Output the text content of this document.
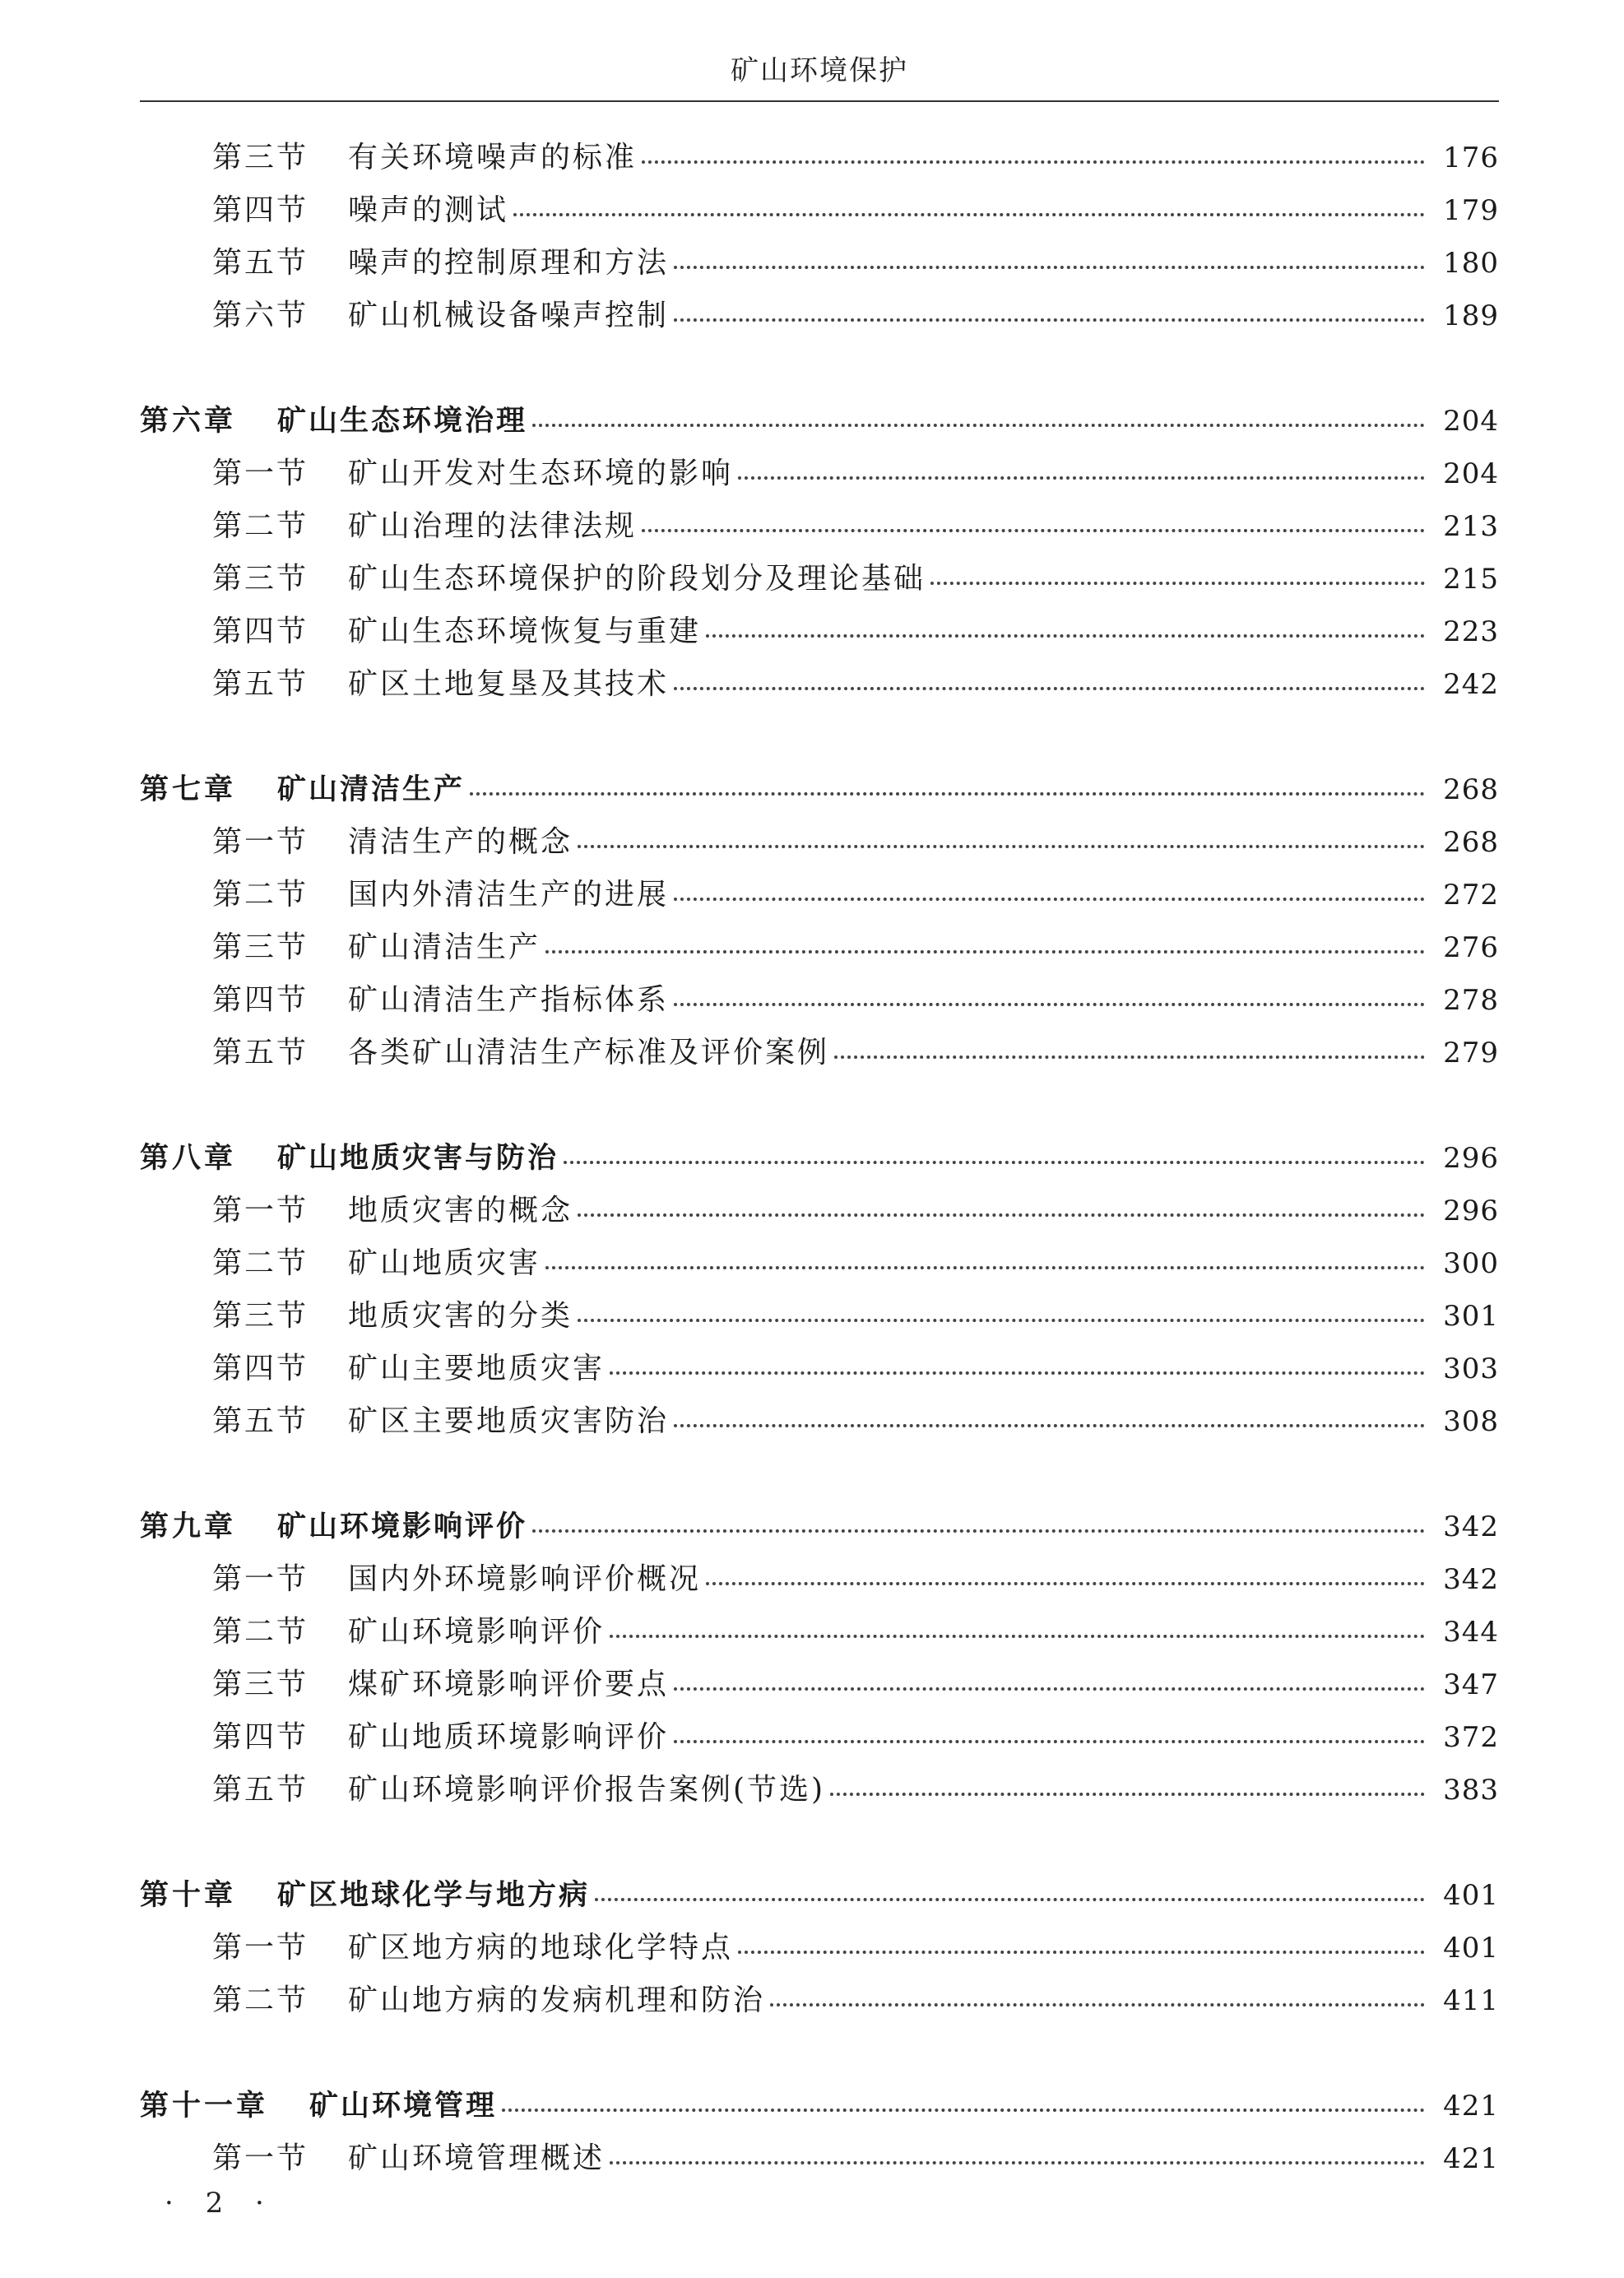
矿山环境保护
第三节 有关环境噪声的标准	176
第四节 噪声的测试	179
第五节 噪声的控制原理和方法	180
第六节 矿山机械设备噪声控制	189
第六章 矿山生态环境治理	204
第一节 矿山开发对生态环境的影响	204
第二节 矿山治理的法律法规	213
第三节 矿山生态环境保护的阶段划分及理论基础	215
第四节 矿山生态环境恢复与重建	223
第五节 矿区土地复垦及其技术	242
第七章 矿山清洁生产	268
第一节 清洁生产的概念	268
第二节 国内外清洁生产的进展	272
第三节 矿山清洁生产	276
第四节 矿山清洁生产指标体系	278
第五节 各类矿山清洁生产标准及评价案例	279
第八章 矿山地质灾害与防治	296
第一节 地质灾害的概念	296
第二节 矿山地质灾害	300
第三节 地质灾害的分类	301
第四节 矿山主要地质灾害	303
第五节 矿区主要地质灾害防治	308
第九章 矿山环境影响评价	342
第一节 国内外环境影响评价概况	342
第二节 矿山环境影响评价	344
第三节 煤矿环境影响评价要点	347
第四节 矿山地质环境影响评价	372
第五节 矿山环境影响评价报告案例(节选)	383
第十章 矿区地球化学与地方病	401
第一节 矿区地方病的地球化学特点	401
第二节 矿山地方病的发病机理和防治	411
第十一章 矿山环境管理	421
第一节 矿山环境管理概述	421
· 2 ·
